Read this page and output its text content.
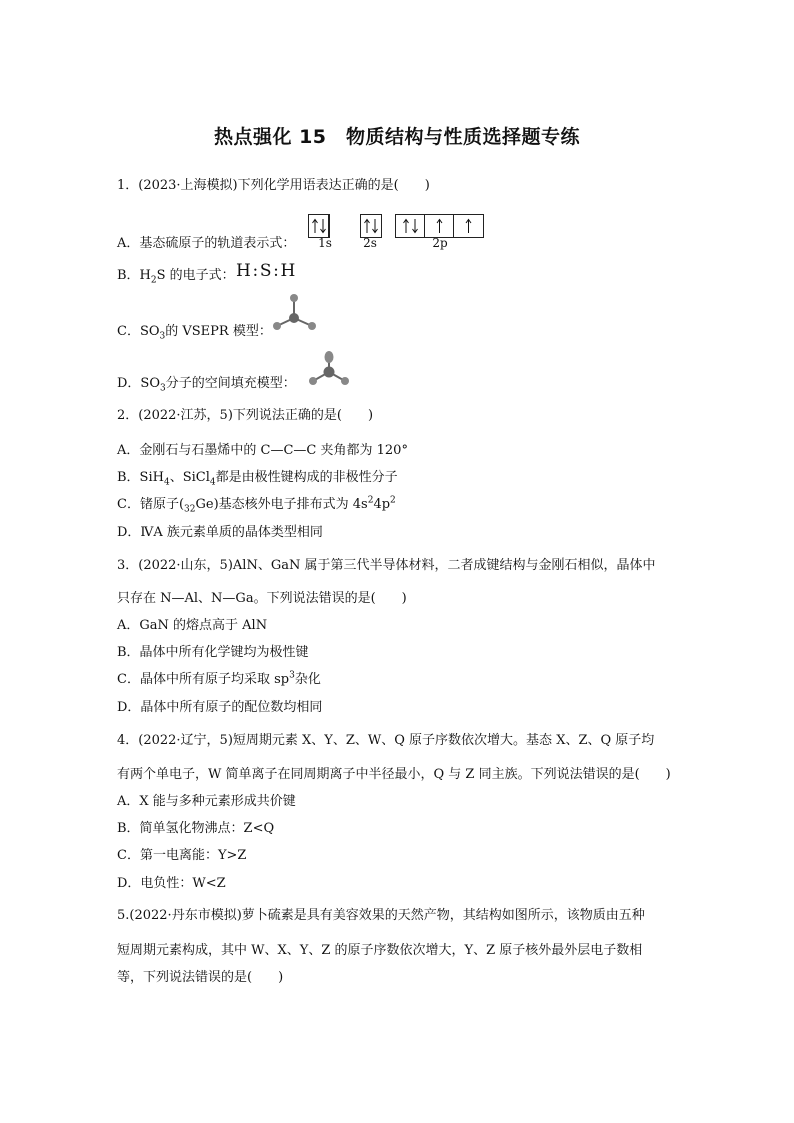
热点强化 15　物质结构与性质选择题专练
1．(2023·上海模拟)下列化学用语表达正确的是(　　)
A．基态硫原子的轨道表示式：	1s	2s	2p
B．$H_2S$ 的电子式： H:S:H
C．$SO_3$的 VSEPR 模型：
D．$SO_3$分子的空间填充模型：
2．(2022·江苏，5)下列说法正确的是(　　)
A．金刚石与石墨烯中的 C—C—C 夹角都为 120°
B．SiH$_4$、SiCl$_4$都是由极性键构成的非极性分子
C．锗原子$(_{32}Ge)$基态核外电子排布式为 $4s^24p^2$
D．ⅣA 族元素单质的晶体类型相同
3．(2022·山东，5)AlN、GaN 属于第三代半导体材料，二者成键结构与金刚石相似，晶体中
只存在 N—Al、N—Ga。下列说法错误的是(　　)
A．GaN 的熔点高于 AlN
B．晶体中所有化学键均为极性键
C．晶体中所有原子均采取 $sp^3$杂化
D．晶体中所有原子的配位数均相同
4．(2022·辽宁，5)短周期元素 X、Y、Z、W、Q 原子序数依次增大。基态 X、Z、Q 原子均
有两个单电子，W 简单离子在同周期离子中半径最小，Q 与 Z 同主族。下列说法错误的是(　　)
A．X 能与多种元素形成共价键
B．简单氢化物沸点：Z<Q
C．第一电离能：Y>Z
D．电负性：W<Z
5.(2022·丹东市模拟)萝卜硫素是具有美容效果的天然产物，其结构如图所示，该物质由五种
短周期元素构成，其中 W、X、Y、Z 的原子序数依次增大，Y、Z 原子核外最外层电子数相
等，下列说法错误的是(　　)
